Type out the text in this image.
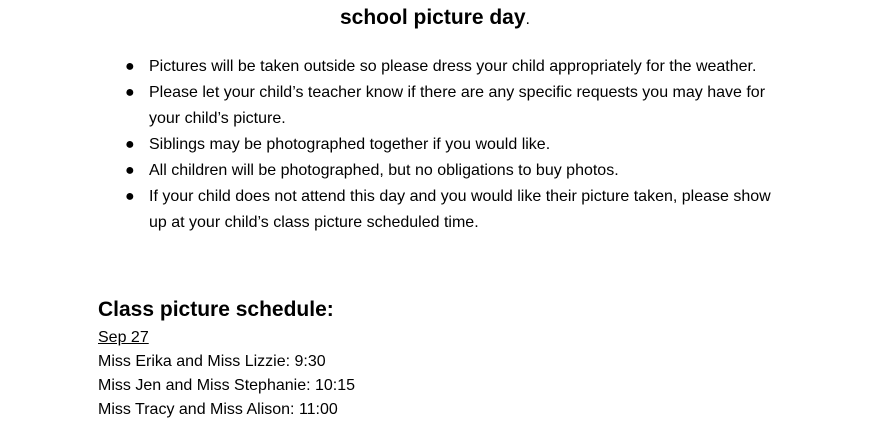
school picture day.
● Pictures will be taken outside so please dress your child appropriately for the weather.
● Please let your child’s teacher know if there are any specific requests you may have for your child’s picture.
● Siblings may be photographed together if you would like.
● All children will be photographed, but no obligations to buy photos.
● If your child does not attend this day and you would like their picture taken, please show up at your child’s class picture scheduled time.
Class picture schedule:
Sep 27
Miss Erika and Miss Lizzie: 9:30
Miss Jen and Miss Stephanie: 10:15
Miss Tracy and Miss Alison: 11:00
